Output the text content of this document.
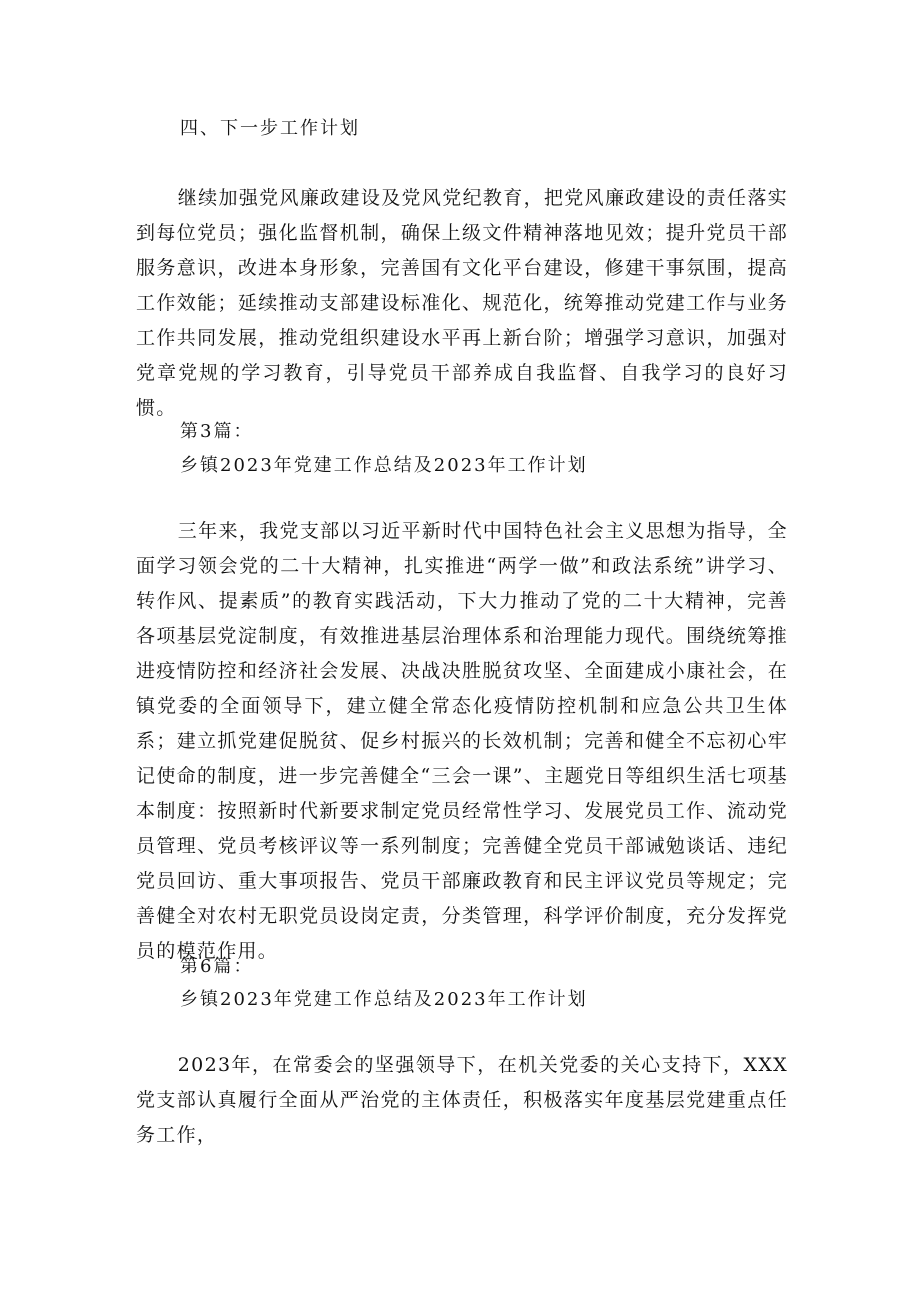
四、下一步工作计划
继续加强党风廉政建设及党风党纪教育，把党风廉政建设的责任落实到每位党员；强化监督机制，确保上级文件精神落地见效；提升党员干部服务意识，改进本身形象，完善国有文化平台建设，修建干事氛围，提高工作效能；延续推动支部建设标准化、规范化，统筹推动党建工作与业务工作共同发展，推动党组织建设水平再上新台阶；增强学习意识，加强对党章党规的学习教育，引导党员干部养成自我监督、自我学习的良好习惯。
第3篇：
乡镇2023年党建工作总结及2023年工作计划
三年来，我党支部以习近平新时代中国特色社会主义思想为指导，全面学习领会党的二十大精神，扎实推进“两学一做”和政法系统”讲学习、转作风、提素质”的教育实践活动，下大力推动了党的二十大精神，完善各项基层党淀制度，有效推进基层治理体系和治理能力现代。围绕统筹推进疫情防控和经济社会发展、决战决胜脱贫攻坚、全面建成小康社会，在镇党委的全面领导下，建立健全常态化疫情防控机制和应急公共卫生体系；建立抓党建促脱贫、促乡村振兴的长效机制；完善和健全不忘初心牢记使命的制度，进一步完善健全“三会一课”、主题党日等组织生活七项基本制度：按照新时代新要求制定党员经常性学习、发展党员工作、流动党员管理、党员考核评议等一系列制度；完善健全党员干部诫勉谈话、违纪党员回访、重大事项报告、党员干部廉政教育和民主评议党员等规定；完善健全对农村无职党员设岗定责，分类管理，科学评价制度，充分发挥党员的模范作用。
第6篇：
乡镇2023年党建工作总结及2023年工作计划
2023年，在常委会的坚强领导下，在机关党委的关心支持下，XXX党支部认真履行全面从严治党的主体责任，积极落实年度基层党建重点任务工作，
